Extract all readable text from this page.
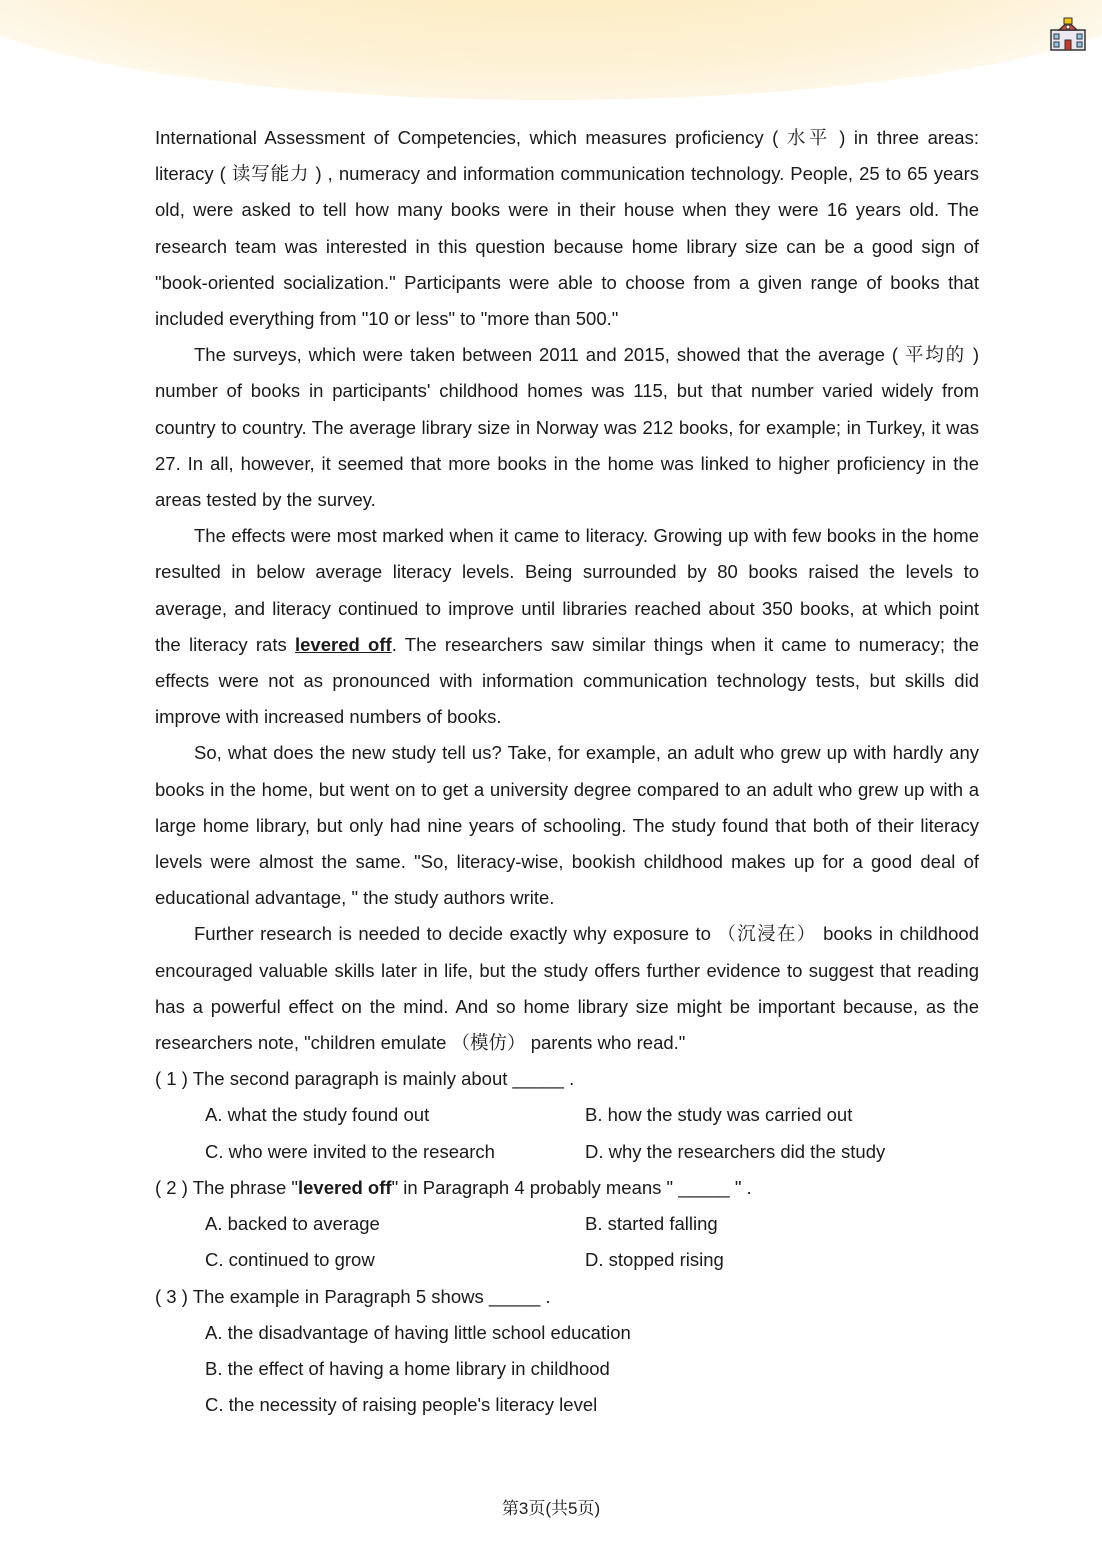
International Assessment of Competencies, which measures proficiency ( 水平 ) in three areas: literacy ( 读写能力 ) , numeracy and information communication technology. People, 25 to 65 years old, were asked to tell how many books were in their house when they were 16 years old. The research team was interested in this question because home library size can be a good sign of "book-oriented socialization." Participants were able to choose from a given range of books that included everything from "10 or less" to "more than 500."

The surveys, which were taken between 2011 and 2015, showed that the average ( 平均的 ) number of books in participants' childhood homes was 115, but that number varied widely from country to country. The average library size in Norway was 212 books, for example; in Turkey, it was 27. In all, however, it seemed that more books in the home was linked to higher proficiency in the areas tested by the survey.

The effects were most marked when it came to literacy. Growing up with few books in the home resulted in below average literacy levels. Being surrounded by 80 books raised the levels to average, and literacy continued to improve until libraries reached about 350 books, at which point the literacy rats levered off. The researchers saw similar things when it came to numeracy; the effects were not as pronounced with information communication technology tests, but skills did improve with increased numbers of books.

So, what does the new study tell us? Take, for example, an adult who grew up with hardly any books in the home, but went on to get a university degree compared to an adult who grew up with a large home library, but only had nine years of schooling. The study found that both of their literacy levels were almost the same. "So, literacy-wise, bookish childhood makes up for a good deal of educational advantage, " the study authors write.

Further research is needed to decide exactly why exposure to （沉浸在） books in childhood encouraged valuable skills later in life, but the study offers further evidence to suggest that reading has a powerful effect on the mind. And so home library size might be important because, as the researchers note, "children emulate （模仿） parents who read."

( 1 ) The second paragraph is mainly about _____ .
A. what the study found out	B. how the study was carried out
C. who were invited to the research	D. why the researchers did the study
( 2 ) The phrase "levered off" in Paragraph 4 probably means " _____ " .
A. backed to average	B. started falling
C. continued to grow	D. stopped rising
( 3 ) The example in Paragraph 5 shows _____ .
A. the disadvantage of having little school education
B. the effect of having a home library in childhood
C. the necessity of raising people's literacy level
第3页(共5页)
